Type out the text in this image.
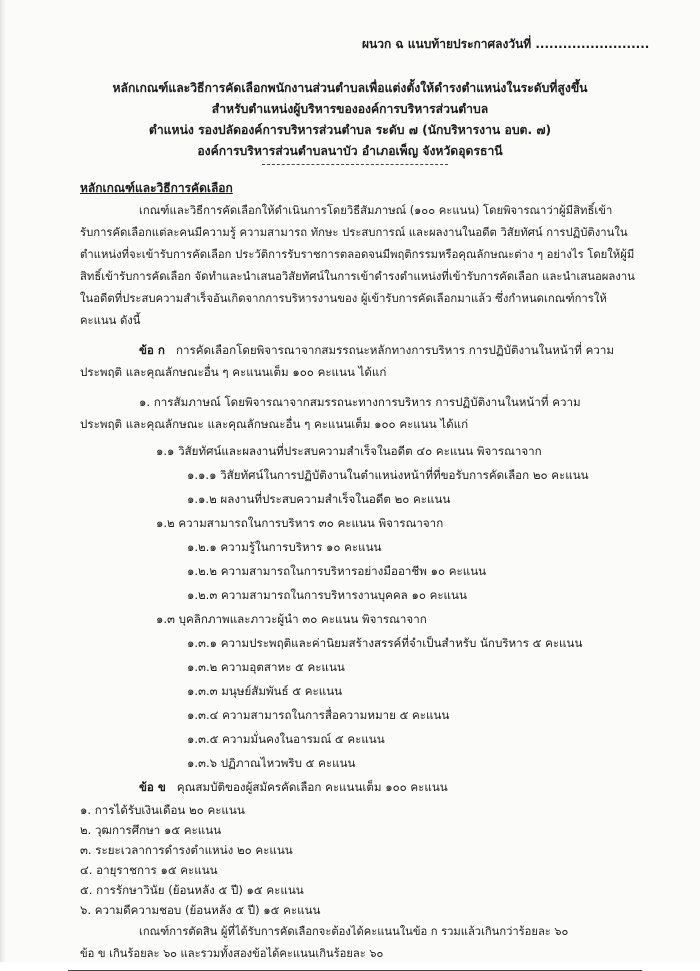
ผนวก ฉ แนบท้ายประกาศลงวันที่ .........................
หลักเกณฑ์และวิธีการคัดเลือกพนักงานส่วนตำบลเพื่อแต่งตั้งให้ดำรงตำแหน่งในระดับที่สูงขึ้น
สำหรับตำแหน่งผู้บริหารขององค์การบริหารส่วนตำบล
ตำแหน่ง รองปลัดองค์การบริหารส่วนตำบล ระดับ ๗ (นักบริหารงาน อบต. ๗)
องค์การบริหารส่วนตำบลนาบัว อำเภอเพ็ญ จังหวัดอุดรธานี
หลักเกณฑ์และวิธีการคัดเลือก
เกณฑ์และวิธีการคัดเลือกให้ดำเนินการโดยวิธีสัมภาษณ์ (๑๐๐ คะแนน) โดยพิจารณาว่าผู้มีสิทธิ์เข้า
รับการคัดเลือกแต่ละคนมีความรู้ ความสามารถ ทักษะ ประสบการณ์ และผลงานในอดีต วิสัยทัศน์ การปฏิบัติงานใน
ตำแหน่งที่จะเข้ารับการคัดเลือก ประวัติการรับราชการตลอดจนมีพฤติกรรมหรือคุณลักษณะต่าง ๆ อย่างไร โดยให้ผู้มี
สิทธิ์เข้ารับการคัดเลือก จัดทำและนำเสนอวิสัยทัศน์ในการเข้าดำรงตำแหน่งที่เข้ารับการคัดเลือก และนำเสนอผลงาน
ในอดีตที่ประสบความสำเร็จอันเกิดจากการบริหารงานของ ผู้เข้ารับการคัดเลือกมาแล้ว ซึ่งกำหนดเกณฑ์การให้
คะแนน ดังนี้
ข้อ ก การคัดเลือกโดยพิจารณาจากสมรรถนะหลักทางการบริหาร การปฏิบัติงานในหน้าที่ ความ
ประพฤติ และคุณลักษณะอื่น ๆ คะแนนเต็ม ๑๐๐ คะแนน ได้แก่
๑. การสัมภาษณ์ โดยพิจารณาจากสมรรถนะทางการบริหาร การปฏิบัติงานในหน้าที่ ความ
ประพฤติ และคุณลักษณะ และคุณลักษณะอื่น ๆ คะแนนเต็ม ๑๐๐ คะแนน ได้แก่
๑.๑ วิสัยทัศน์และผลงานที่ประสบความสำเร็จในอดีต ๔๐ คะแนน พิจารณาจาก
๑.๑.๑ วิสัยทัศน์ในการปฏิบัติงานในตำแหน่งหน้าที่ที่ขอรับการคัดเลือก ๒๐ คะแนน
๑.๑.๒ ผลงานที่ประสบความสำเร็จในอดีต ๒๐ คะแนน
๑.๒ ความสามารถในการบริหาร ๓๐ คะแนน พิจารณาจาก
๑.๒.๑ ความรู้ในการบริหาร ๑๐ คะแนน
๑.๒.๒ ความสามารถในการบริหารอย่างมืออาชีพ ๑๐ คะแนน
๑.๒.๓ ความสามารถในการบริหารงานบุคคล ๑๐ คะแนน
๑.๓ บุคลิกภาพและภาวะผู้นำ ๓๐ คะแนน พิจารณาจาก
๑.๓.๑ ความประพฤติและค่านิยมสร้างสรรค์ที่จำเป็นสำหรับ นักบริหาร ๕ คะแนน
๑.๓.๒ ความอุตสาหะ ๕ คะแนน
๑.๓.๓ มนุษย์สัมพันธ์ ๕ คะแนน
๑.๓.๔ ความสามารถในการสื่อความหมาย ๕ คะแนน
๑.๓.๕ ความมั่นคงในอารมณ์ ๕ คะแนน
๑.๓.๖ ปฏิภาณไหวพริบ ๕ คะแนน
ข้อ ข คุณสมบัติของผู้สมัครคัดเลือก คะแนนเต็ม ๑๐๐ คะแนน
๑. การได้รับเงินเดือน ๒๐ คะแนน
๒. วุฒการศึกษา ๑๕ คะแนน
๓. ระยะเวลาการดำรงตำแหน่ง ๒๐ คะแนน
๔. อายุราชการ ๑๕ คะแนน
๕. การรักษาวินัย (ย้อนหลัง ๕ ปี) ๑๕ คะแนน
๖. ความดีความชอบ (ย้อนหลัง ๕ ปี) ๑๕ คะแนน
เกณฑ์การตัดสิน ผู้ที่ได้รับการคัดเลือกจะต้องได้คะแนนในข้อ ก รวมแล้วเกินกว่าร้อยละ ๖๐
ข้อ ข เกินร้อยละ ๖๐ และรวมทั้งสองข้อได้คะแนนเกินร้อยละ ๖๐
